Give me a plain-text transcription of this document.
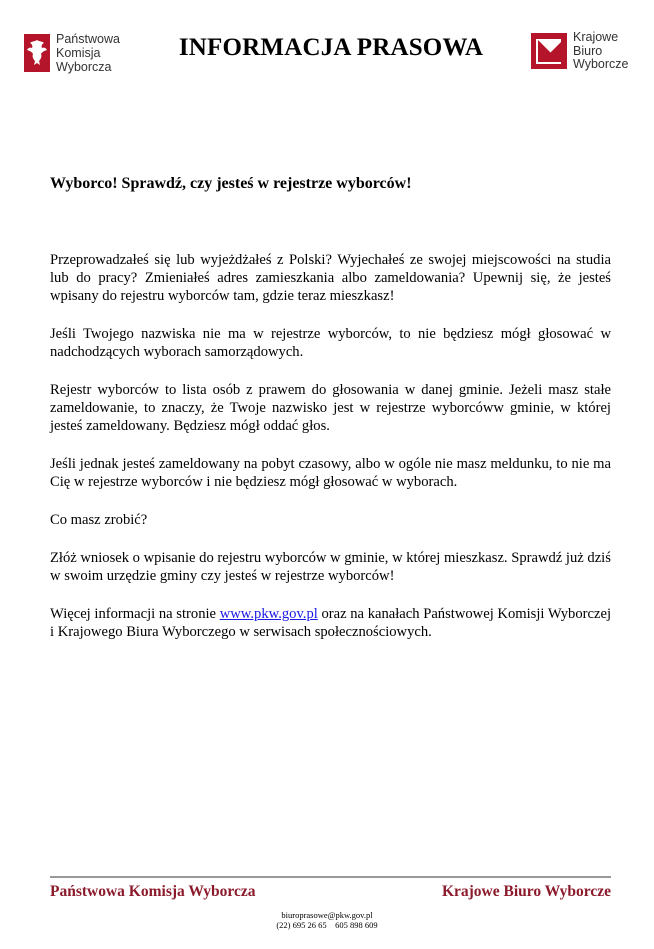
Państwowa
Komisja
Wyborcza
INFORMACJA PRASOWA	Krajowe
Biuro
Wyborcze
Wyborco! Sprawdź, czy jesteś w rejestrze wyborców!

Przeprowadzałeś się lub wyjeżdżałeś z Polski? Wyjechałeś ze swojej miejscowości na studia lub do pracy? Zmieniałeś adres zamieszkania albo zameldowania? Upewnij się, że jesteś wpisany do rejestru wyborców tam, gdzie teraz mieszkasz!

Jeśli Twojego nazwiska nie ma w rejestrze wyborców, to nie będziesz mógł głosować w nadchodzących wyborach samorządowych.

Rejestr wyborców to lista osób z prawem do głosowania w danej gminie. Jeżeli masz stałe zameldowanie, to znaczy, że Twoje nazwisko jest w rejestrze wyborcóww gminie, w której jesteś zameldowany. Będziesz mógł oddać głos.

Jeśli jednak jesteś zameldowany na pobyt czasowy, albo w ogóle nie masz meldunku, to nie ma Cię w rejestrze wyborców i nie będziesz mógł głosować w wyborach.

Co masz zrobić?

Złóż wniosek o wpisanie do rejestru wyborców w gminie, w której mieszkasz. Sprawdź już dziś w swoim urzędzie gminy czy jesteś w rejestrze wyborców!

Więcej informacji na stronie www.pkw.gov.pl oraz na kanałach Państwowej Komisji Wyborczej i Krajowego Biura Wyborczego w serwisach społecznościowych.

Państwowa Komisja Wyborcza	Krajowe Biuro Wyborcze
biuroprasowe@pkw.gov.pl
(22) 695 26 65    605 898 609
